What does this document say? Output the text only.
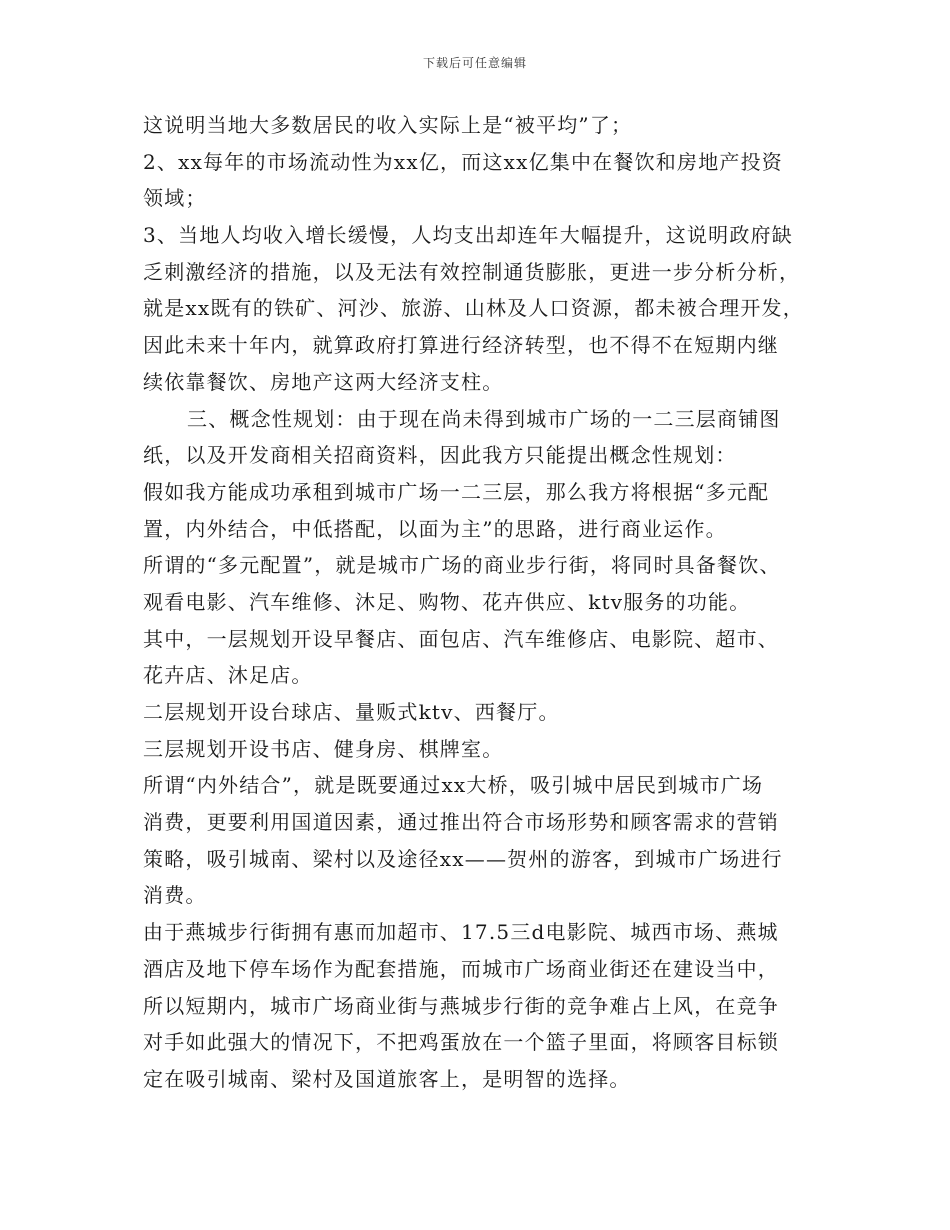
下载后可任意编辑
这说明当地大多数居民的收入实际上是“被平均”了；
2、xx每年的市场流动性为xx亿，而这xx亿集中在餐饮和房地产投资
领域；
3、当地人均收入增长缓慢，人均支出却连年大幅提升，这说明政府缺
乏刺激经济的措施，以及无法有效控制通货膨胀，更进一步分析分析，
就是xx既有的铁矿、河沙、旅游、山林及人口资源，都未被合理开发，
因此未来十年内，就算政府打算进行经济转型，也不得不在短期内继
续依靠餐饮、房地产这两大经济支柱。
三、概念性规划：由于现在尚未得到城市广场的一二三层商铺图
纸，以及开发商相关招商资料，因此我方只能提出概念性规划：
假如我方能成功承租到城市广场一二三层，那么我方将根据“多元配
置，内外结合，中低搭配，以面为主”的思路，进行商业运作。
所谓的“多元配置”，就是城市广场的商业步行街，将同时具备餐饮、
观看电影、汽车维修、沐足、购物、花卉供应、ktv服务的功能。
其中，一层规划开设早餐店、面包店、汽车维修店、电影院、超市、
花卉店、沐足店。
二层规划开设台球店、量贩式ktv、西餐厅。
三层规划开设书店、健身房、棋牌室。
所谓“内外结合”，就是既要通过xx大桥，吸引城中居民到城市广场
消费，更要利用国道因素，通过推出符合市场形势和顾客需求的营销
策略，吸引城南、梁村以及途径xx——贺州的游客，到城市广场进行
消费。
由于燕城步行街拥有惠而加超市、17.5三d电影院、城西市场、燕城
酒店及地下停车场作为配套措施，而城市广场商业街还在建设当中，
所以短期内，城市广场商业街与燕城步行街的竞争难占上风，在竞争
对手如此强大的情况下，不把鸡蛋放在一个篮子里面，将顾客目标锁
定在吸引城南、梁村及国道旅客上，是明智的选择。
